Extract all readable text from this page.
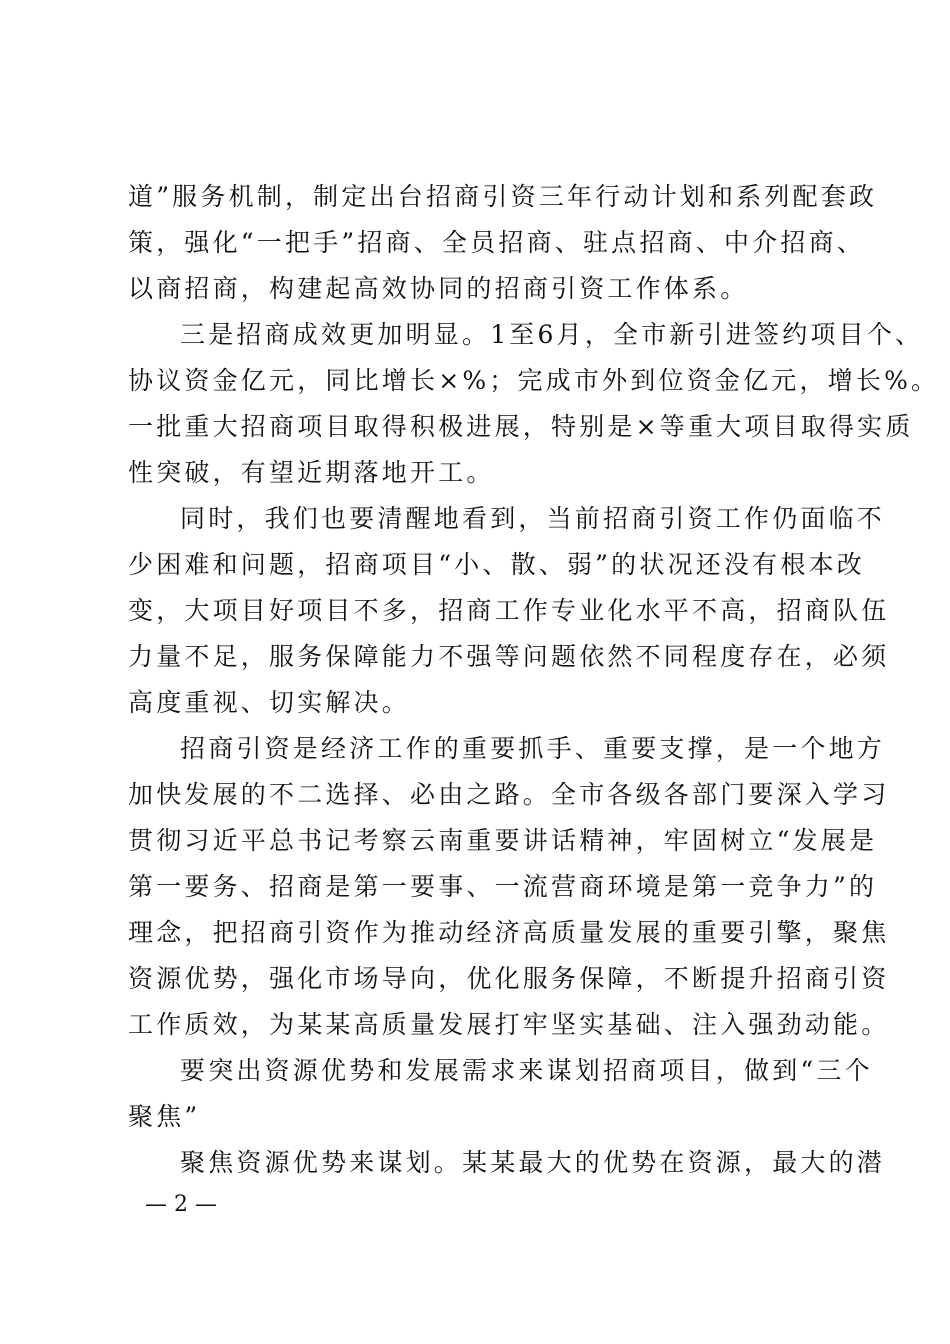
道”服务机制，制定出台招商引资三年行动计划和系列配套政
策，强化“一把手”招商、全员招商、驻点招商、中介招商、
以商招商，构建起高效协同的招商引资工作体系。
三是招商成效更加明显。1至6月，全市新引进签约项目个、
协议资金亿元，同比增长×%；完成市外到位资金亿元，增长%。
一批重大招商项目取得积极进展，特别是×等重大项目取得实质
性突破，有望近期落地开工。
同时，我们也要清醒地看到，当前招商引资工作仍面临不
少困难和问题，招商项目“小、散、弱”的状况还没有根本改
变，大项目好项目不多，招商工作专业化水平不高，招商队伍
力量不足，服务保障能力不强等问题依然不同程度存在，必须
高度重视、切实解决。
招商引资是经济工作的重要抓手、重要支撑，是一个地方
加快发展的不二选择、必由之路。全市各级各部门要深入学习
贯彻习近平总书记考察云南重要讲话精神，牢固树立“发展是
第一要务、招商是第一要事、一流营商环境是第一竞争力”的
理念，把招商引资作为推动经济高质量发展的重要引擎，聚焦
资源优势，强化市场导向，优化服务保障，不断提升招商引资
工作质效，为某某高质量发展打牢坚实基础、注入强劲动能。
要突出资源优势和发展需求来谋划招商项目，做到“三个
聚焦”
聚焦资源优势来谋划。某某最大的优势在资源，最大的潜
— 2 —
